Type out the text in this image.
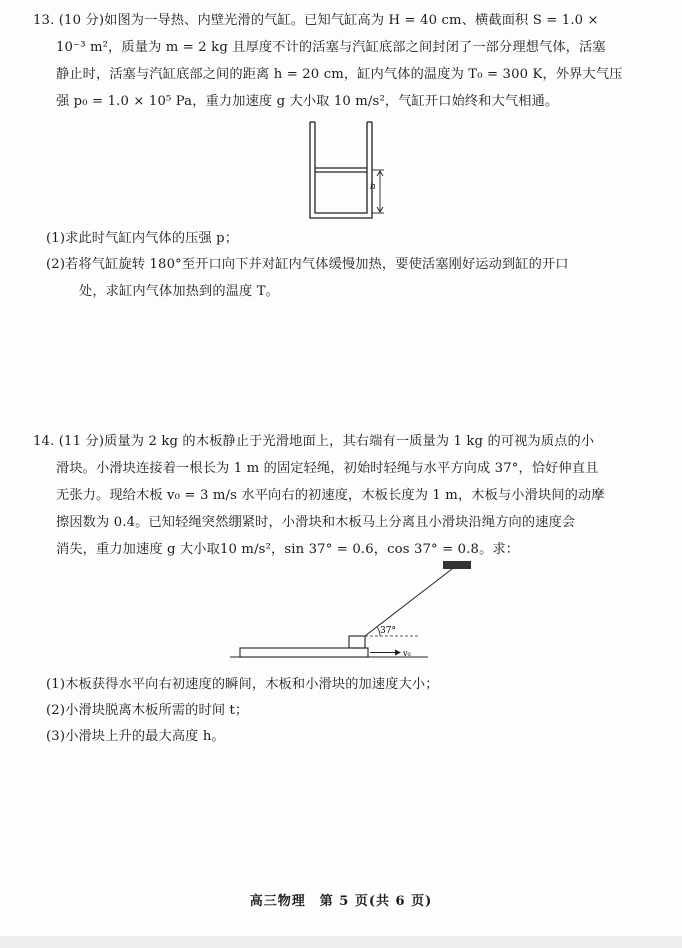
13. (10 分)如图为一导热、内壁光滑的气缸。已知气缸高为 H = 40 cm、横截面积 S = 1.0 ×
10⁻³ m²，质量为 m = 2 kg 且厚度不计的活塞与汽缸底部之间封闭了一部分理想气体，活塞
静止时，活塞与汽缸底部之间的距离 h = 20 cm，缸内气体的温度为 T₀ = 300 K，外界大气压
强 p₀ = 1.0 × 10⁵ Pa，重力加速度 g 大小取 10 m/s²，气缸开口始终和大气相通。
h
(1)求此时气缸内气体的压强 p；
(2)若将气缸旋转 180°至开口向下并对缸内气体缓慢加热，要使活塞刚好运动到缸的开口
处，求缸内气体加热到的温度 T。
14. (11 分)质量为 2 kg 的木板静止于光滑地面上，其右端有一质量为 1 kg 的可视为质点的小
滑块。小滑块连接着一根长为 1 m 的固定轻绳，初始时轻绳与水平方向成 37°，恰好伸直且
无张力。现给木板 v₀ = 3 m/s 水平向右的初速度，木板长度为 1 m，木板与小滑块间的动摩
擦因数为 0.4。已知轻绳突然绷紧时，小滑块和木板马上分离且小滑块沿绳方向的速度会
消失，重力加速度 g 大小取10 m/s²，sin 37° = 0.6，cos 37° = 0.8。求：
37°
v₀
(1)木板获得水平向右初速度的瞬间，木板和小滑块的加速度大小；
(2)小滑块脱离木板所需的时间 t；
(3)小滑块上升的最大高度 h。
高三物理　第 5 页(共 6 页)
